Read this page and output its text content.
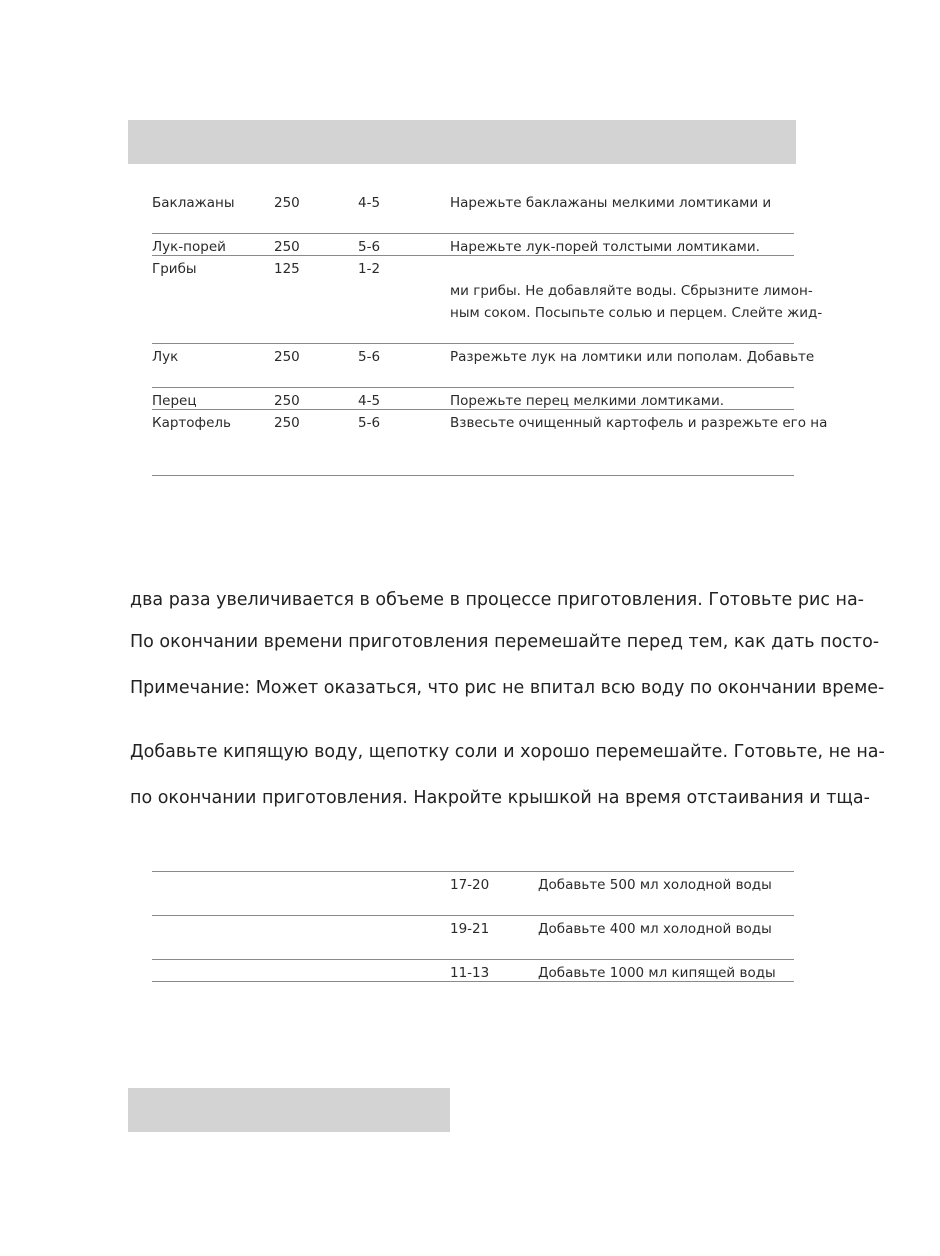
Баклажаны	250	4-5	Нарежьте баклажаны мелкими ломтиками и
Лук-порей	250	5-6	Нарежьте лук-порей толстыми ломтиками.
Грибы	125	1-2
ми грибы. Не добавляйте воды. Сбрызните лимон-
ным соком. Посыпьте солью и перцем. Слейте жид-
Лук	250	5-6	Разрежьте лук на ломтики или пополам. Добавьте
Перец	250	4-5	Порежьте перец мелкими ломтиками.
Картофель	250	5-6	Взвесьте очищенный картофель и разрежьте его на
два раза увеличивается в объеме в процессе приготовления. Готовьте рис на-
По окончании времени приготовления перемешайте перед тем, как дать посто-
Примечание: Может оказаться, что рис не впитал всю воду по окончании време-
Добавьте кипящую воду, щепотку соли и хорошо перемешайте. Готовьте, не на-
по окончании приготовления. Накройте крышкой на время отстаивания и тща-
17-20	Добавьте 500 мл холодной воды
19-21	Добавьте 400 мл холодной воды
11-13	Добавьте 1000 мл кипящей воды
